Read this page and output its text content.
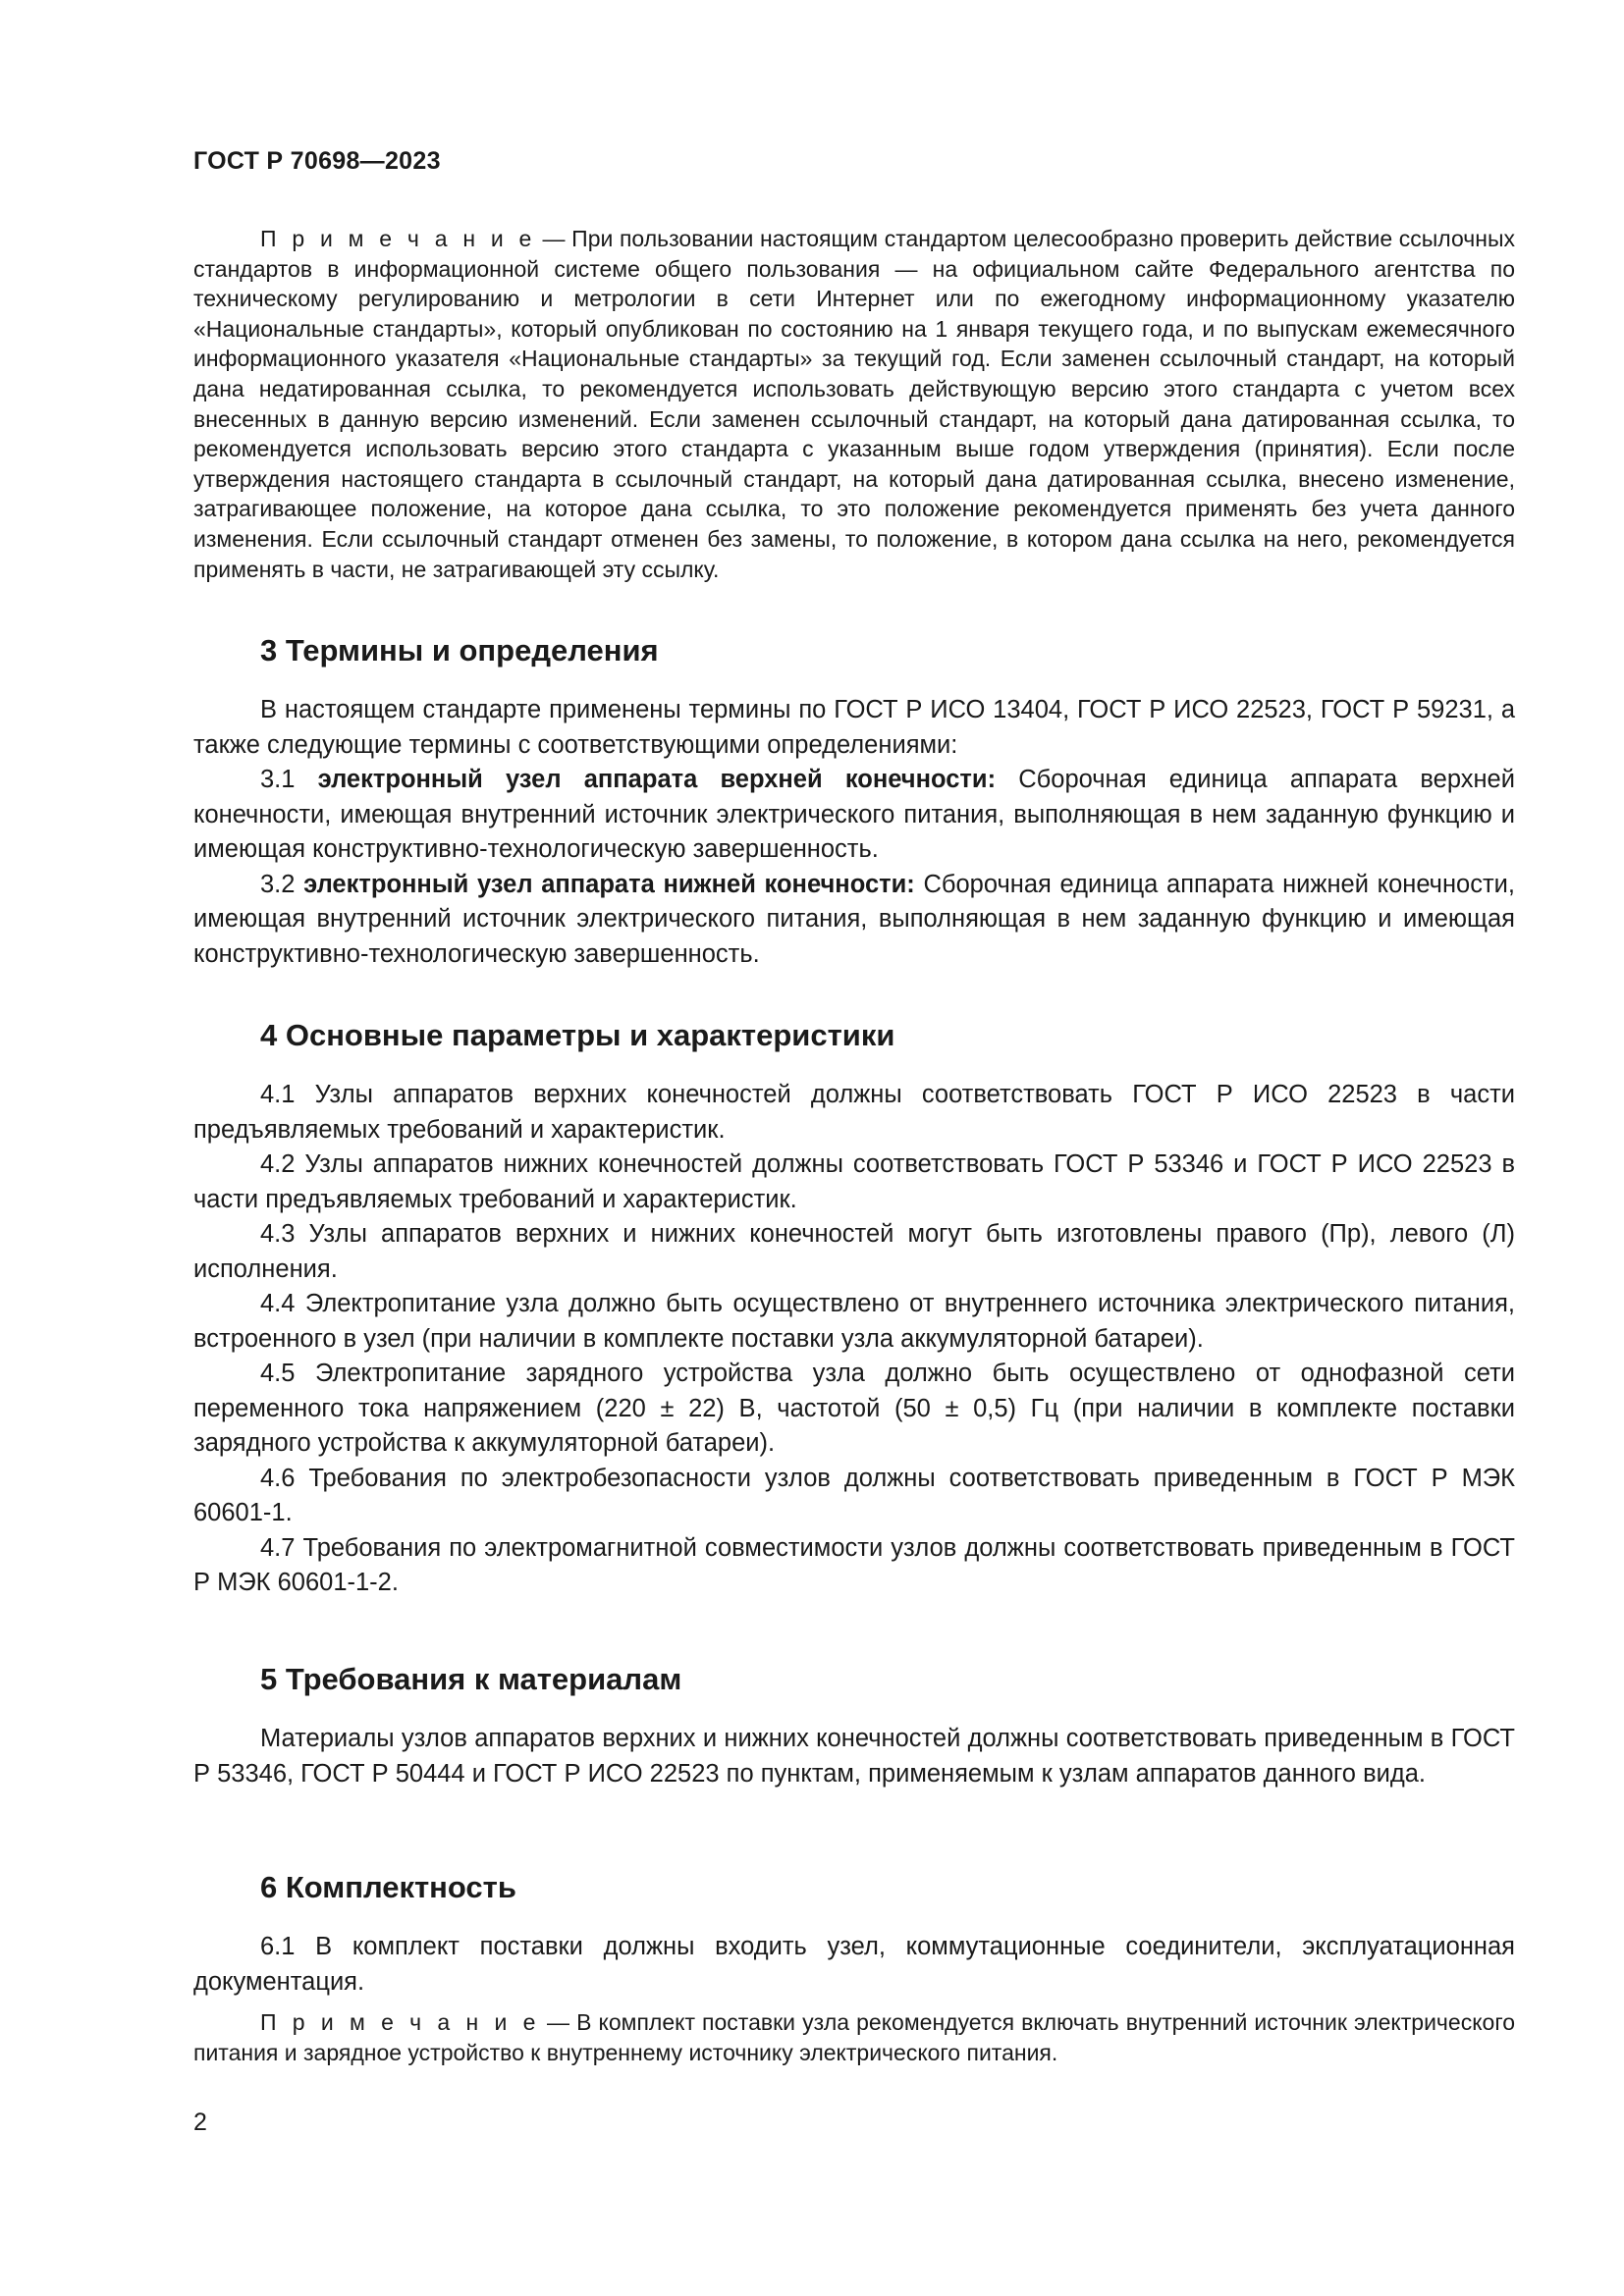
ГОСТ Р 70698—2023

П р и м е ч а н и е — При пользовании настоящим стандартом целесообразно проверить действие ссылочных стандартов в информационной системе общего пользования — на официальном сайте Федерального агентства по техническому регулированию и метрологии в сети Интернет или по ежегодному информационному указателю «Национальные стандарты», который опубликован по состоянию на 1 января текущего года, и по выпускам ежемесячного информационного указателя «Национальные стандарты» за текущий год. Если заменен ссылочный стандарт, на который дана недатированная ссылка, то рекомендуется использовать действующую версию этого стандарта с учетом всех внесенных в данную версию изменений. Если заменен ссылочный стандарт, на который дана датированная ссылка, то рекомендуется использовать версию этого стандарта с указанным выше годом утверждения (принятия). Если после утверждения настоящего стандарта в ссылочный стандарт, на который дана датированная ссылка, внесено изменение, затрагивающее положение, на которое дана ссылка, то это положение рекомендуется применять без учета данного изменения. Если ссылочный стандарт отменен без замены, то положение, в котором дана ссылка на него, рекомендуется применять в части, не затрагивающей эту ссылку.

3 Термины и определения

В настоящем стандарте применены термины по ГОСТ Р ИСО 13404, ГОСТ Р ИСО 22523, ГОСТ Р 59231, а также следующие термины с соответствующими определениями:

3.1 электронный узел аппарата верхней конечности: Сборочная единица аппарата верхней конечности, имеющая внутренний источник электрического питания, выполняющая в нем заданную функцию и имеющая конструктивно-технологическую завершенность.

3.2 электронный узел аппарата нижней конечности: Сборочная единица аппарата нижней конечности, имеющая внутренний источник электрического питания, выполняющая в нем заданную функцию и имеющая конструктивно-технологическую завершенность.

4 Основные параметры и характеристики

4.1 Узлы аппаратов верхних конечностей должны соответствовать ГОСТ Р ИСО 22523 в части предъявляемых требований и характеристик.

4.2 Узлы аппаратов нижних конечностей должны соответствовать ГОСТ Р 53346 и ГОСТ Р ИСО 22523 в части предъявляемых требований и характеристик.

4.3 Узлы аппаратов верхних и нижних конечностей могут быть изготовлены правого (Пр), левого (Л) исполнения.

4.4 Электропитание узла должно быть осуществлено от внутреннего источника электрического питания, встроенного в узел (при наличии в комплекте поставки узла аккумуляторной батареи).

4.5 Электропитание зарядного устройства узла должно быть осуществлено от однофазной сети переменного тока напряжением (220 ± 22) В, частотой (50 ± 0,5) Гц (при наличии в комплекте поставки зарядного устройства к аккумуляторной батареи).

4.6 Требования по электробезопасности узлов должны соответствовать приведенным в ГОСТ Р МЭК 60601-1.

4.7 Требования по электромагнитной совместимости узлов должны соответствовать приведенным в ГОСТ Р МЭК 60601-1-2.

5 Требования к материалам

Материалы узлов аппаратов верхних и нижних конечностей должны соответствовать приведенным в ГОСТ Р 53346, ГОСТ Р 50444 и ГОСТ Р ИСО 22523 по пунктам, применяемым к узлам аппаратов данного вида.

6 Комплектность

6.1 В комплект поставки должны входить узел, коммутационные соединители, эксплуатационная документация.

П р и м е ч а н и е — В комплект поставки узла рекомендуется включать внутренний источник электрического питания и зарядное устройство к внутреннему источнику электрического питания.

2
